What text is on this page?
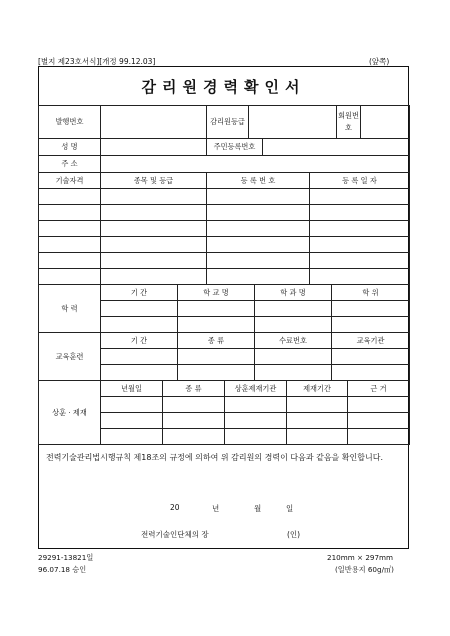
[별지 제23호서식][개정 99.12.03]	(앞쪽)
감리원경력확인서
발행번호		감리원등급		회원번호	
성 명		주민등록번호	
주 소	
기술자격	종목 및 등급	등 록 번 호	등 록 일 자

학 력	기 간	학 교 명	학 과 명	학 위

교육훈련	기 간	종 류	수료번호	교육기관

상훈 · 제재	년월일	종 류	상훈제재기관	제재기간	근 거

전력기술관리법시행규칙 제18조의 규정에 의하여 위 감리원의 경력이 다음과 같음을 확인합니다.
20	년	월	일
전력기술인단체의 장	(인)
29291-13821일
96.07.18 승인
210mm × 297mm
(일반용지 60g/㎡)
